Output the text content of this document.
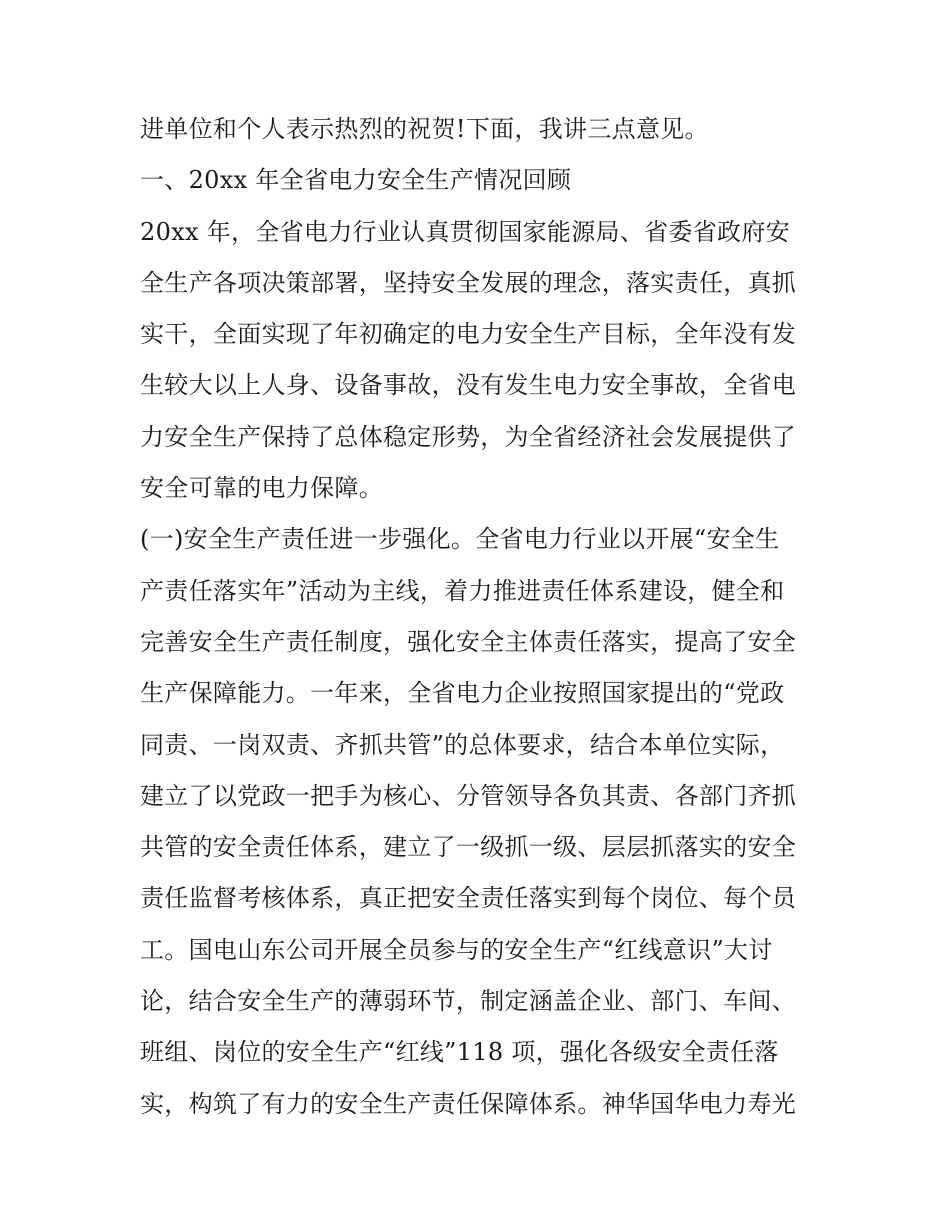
进单位和个人表示热烈的祝贺!下面，我讲三点意见。
一、20xx 年全省电力安全生产情况回顾
20xx 年，全省电力行业认真贯彻国家能源局、省委省政府安
全生产各项决策部署，坚持安全发展的理念，落实责任，真抓
实干，全面实现了年初确定的电力安全生产目标，全年没有发
生较大以上人身、设备事故，没有发生电力安全事故，全省电
力安全生产保持了总体稳定形势，为全省经济社会发展提供了
安全可靠的电力保障。
(一)安全生产责任进一步强化。全省电力行业以开展“安全生
产责任落实年”活动为主线，着力推进责任体系建设，健全和
完善安全生产责任制度，强化安全主体责任落实，提高了安全
生产保障能力。一年来，全省电力企业按照国家提出的“党政
同责、一岗双责、齐抓共管”的总体要求，结合本单位实际，
建立了以党政一把手为核心、分管领导各负其责、各部门齐抓
共管的安全责任体系，建立了一级抓一级、层层抓落实的安全
责任监督考核体系，真正把安全责任落实到每个岗位、每个员
工。国电山东公司开展全员参与的安全生产“红线意识”大讨
论，结合安全生产的薄弱环节，制定涵盖企业、部门、车间、
班组、岗位的安全生产“红线”118 项，强化各级安全责任落
实，构筑了有力的安全生产责任保障体系。神华国华电力寿光
